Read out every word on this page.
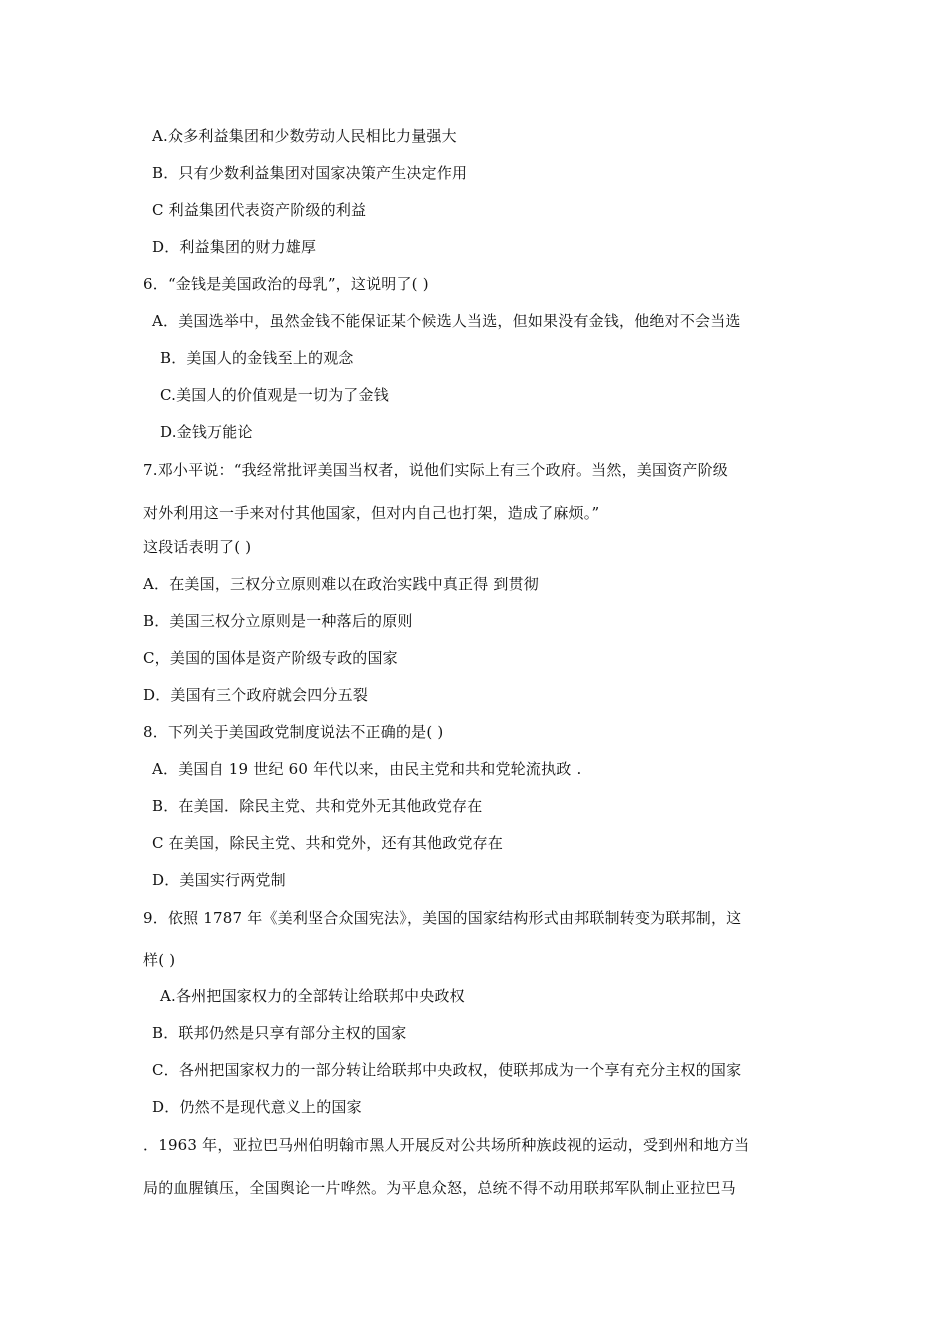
A.众多利益集团和少数劳动人民相比力量强大
B．只有少数利益集团对国家决策产生决定作用
C 利益集团代表资产阶级的利益
D．利益集团的财力雄厚
6．“金钱是美国政治的母乳”，这说明了( )
A．美国选举中，虽然金钱不能保证某个候选人当选，但如果没有金钱，他绝对不会当选
B．美国人的金钱至上的观念
C.美国人的价值观是一切为了金钱
D.金钱万能论
7.邓小平说：“我经常批评美国当权者，说他们实际上有三个政府。当然，美国资产阶级
对外利用这一手来对付其他国家，但对内自己也打架，造成了麻烦。”
这段话表明了( )
A．在美国，三权分立原则难以在政治实践中真正得 到贯彻
B．美国三权分立原则是一种落后的原则
C，美国的国体是资产阶级专政的国家
D．美国有三个政府就会四分五裂
8．下列关于美国政党制度说法不正确的是( )
A．美国自 19 世纪 60 年代以来，由民主党和共和党轮流执政 .
B．在美国．除民主党、共和党外无其他政党存在
C 在美国，除民主党、共和党外，还有其他政党存在
D．美国实行两党制
9．依照 1787 年《美利坚合众国宪法》，美国的国家结构形式由邦联制转变为联邦制，这
样( )
A.各州把国家权力的全部转让给联邦中央政权
B．联邦仍然是只享有部分主权的国家
C．各州把国家权力的一部分转让给联邦中央政权，使联邦成为一个享有充分主权的国家
D．仍然不是现代意义上的国家
．1963 年，亚拉巴马州伯明翰市黑人开展反对公共场所种族歧视的运动，受到州和地方当
局的血腥镇压，全国舆论一片哗然。为平息众怒，总统不得不动用联邦军队制止亚拉巴马
